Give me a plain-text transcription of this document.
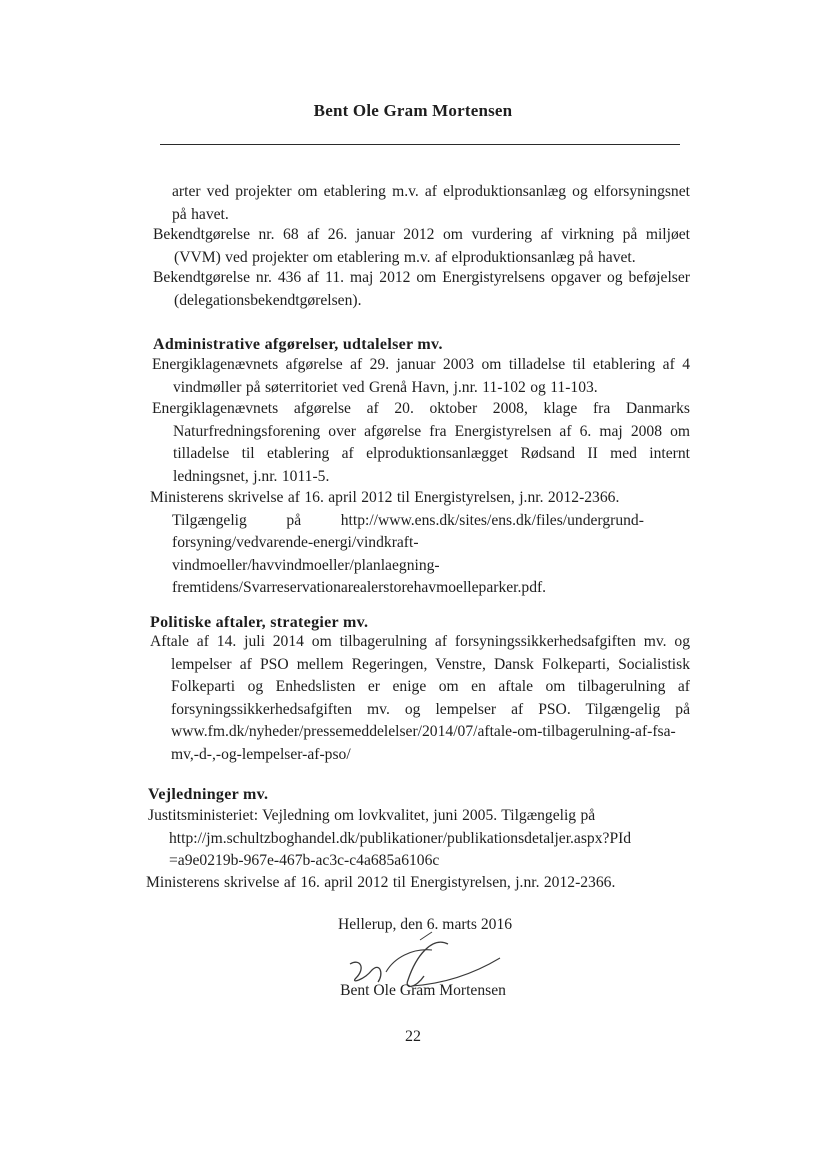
Bent Ole Gram Mortensen
arter ved projekter om etablering m.v. af elproduktionsanlæg og elforsyningsnet på havet.
Bekendtgørelse nr. 68 af 26. januar 2012 om vurdering af virkning på miljøet (VVM) ved projekter om etablering m.v. af elproduktionsanlæg på havet.
Bekendtgørelse nr. 436 af 11. maj 2012 om Energistyrelsens opgaver og beføjelser (delegationsbekendtgørelsen).
Administrative afgørelser, udtalelser mv.
Energiklagenævnets afgørelse af 29. januar 2003 om tilladelse til etablering af 4 vindmøller på søterritoriet ved Grenå Havn, j.nr. 11-102 og 11-103.
Energiklagenævnets afgørelse af 20. oktober 2008, klage fra Danmarks Naturfredningsforening over afgørelse fra Energistyrelsen af 6. maj 2008 om tilladelse til etablering af elproduktionsanlægget Rødsand II med internt ledningsnet, j.nr. 1011-5.
Ministerens skrivelse af 16. april 2012 til Energistyrelsen, j.nr. 2012-2366.
Tilgængelig	på	http://www.ens.dk/sites/ens.dk/files/undergrund-
forsyning/vedvarende-energi/vindkraft-
vindmoeller/havvindmoeller/planlaegning-
fremtidens/Svarreservationarealerstorehavmoelleparker.pdf.
Politiske aftaler, strategier mv.
Aftale af 14. juli 2014 om tilbagerulning af forsyningssikkerhedsafgiften mv. og lempelser af PSO mellem Regeringen, Venstre, Dansk Folkeparti, Socialistisk Folkeparti og Enhedslisten er enige om en aftale om tilbagerulning af forsyningssikkerhedsafgiften mv. og lempelser af PSO. Tilgængelig på www.fm.dk/nyheder/pressemeddelelser/2014/07/aftale-om-tilbagerulning-af-fsa-mv,-d-,-og-lempelser-af-pso/
Vejledninger mv.
Justitsministeriet: Vejledning om lovkvalitet, juni 2005. Tilgængelig på
http://jm.schultzboghandel.dk/publikationer/publikationsdetaljer.aspx?PId
=a9e0219b-967e-467b-ac3c-c4a685a6106c
Ministerens skrivelse af 16. april 2012 til Energistyrelsen, j.nr. 2012-2366.
Hellerup, den 6. marts 2016
Bent Ole Gram Mortensen
22
